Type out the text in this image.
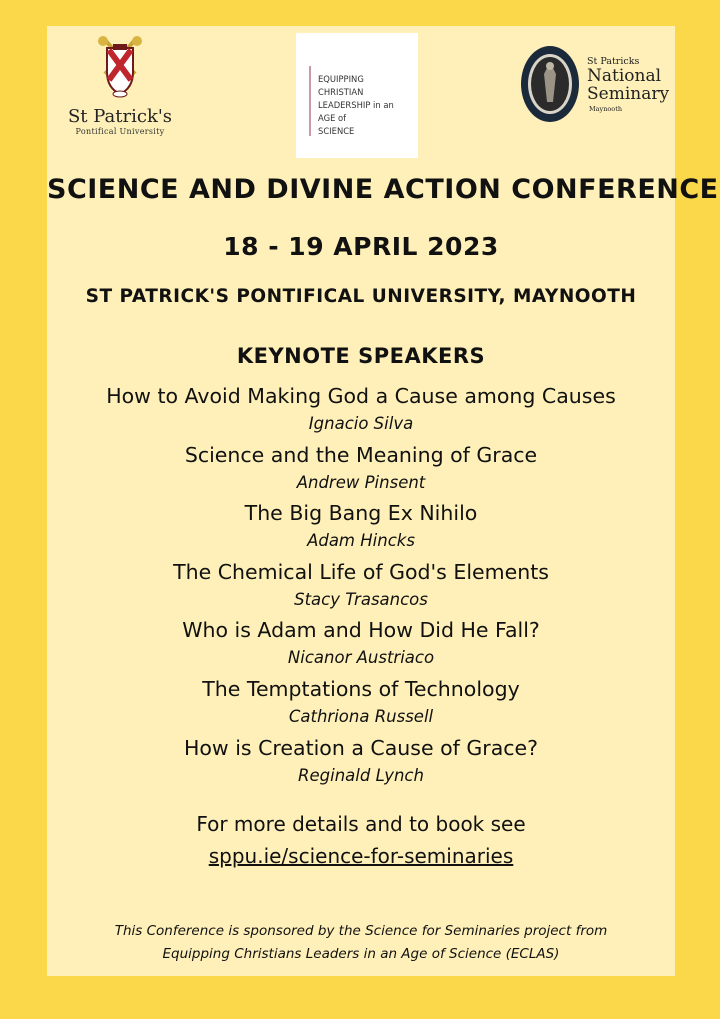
St Patrick's
Pontifical University
EQUIPPING
CHRISTIAN
LEADERSHIP in an
AGE of
SCIENCE
St Patricks
National
Seminary
Maynooth
SCIENCE AND DIVINE ACTION CONFERENCE
18 - 19 APRIL 2023
ST PATRICK'S PONTIFICAL UNIVERSITY, MAYNOOTH
KEYNOTE SPEAKERS
How to Avoid Making God a Cause among Causes
Ignacio Silva
Science and the Meaning of Grace
Andrew Pinsent
The Big Bang Ex Nihilo
Adam Hincks
The Chemical Life of God's Elements
Stacy Trasancos
Who is Adam and How Did He Fall?
Nicanor Austriaco
The Temptations of Technology
Cathriona Russell
How is Creation a Cause of Grace?
Reginald Lynch
For more details and to book see
sppu.ie/science-for-seminaries
This Conference is sponsored by the Science for Seminaries project from
Equipping Christians Leaders in an Age of Science (ECLAS)
